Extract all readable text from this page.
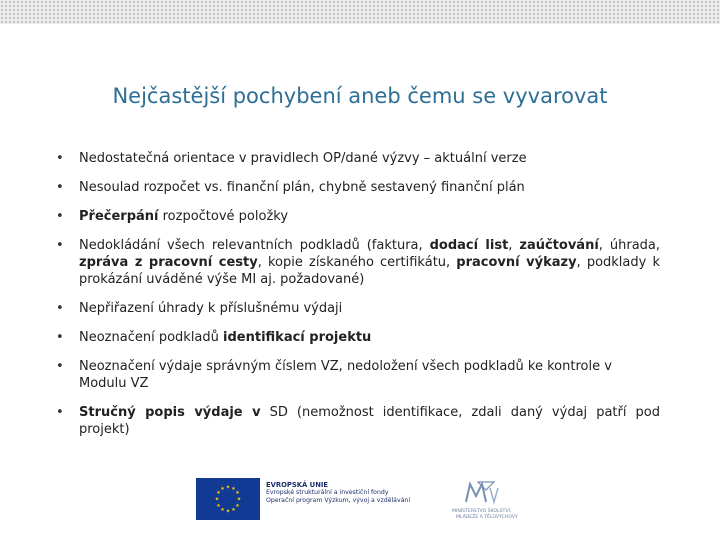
Nejčastější pochybení aneb čemu se vyvarovat
• Nedostatečná orientace v pravidlech OP/dané výzvy – aktuální verze
• Nesoulad rozpočet vs. finanční plán, chybně sestavený finanční plán
• Přečerpání rozpočtové položky
• Nedokládání všech relevantních podkladů (faktura, dodací list, zaúčtování, úhrada, zpráva z pracovní cesty, kopie získaného certifikátu, pracovní výkazy, podklady k prokázání uváděné výše MI aj. požadované)
• Nepřiřazení úhrady k příslušnému výdaji
• Neoznačení podkladů identifikací projektu
• Neoznačení výdaje správným číslem VZ, nedoložení všech podkladů ke kontrole v Modulu VZ
• Stručný popis výdaje v SD (nemožnost identifikace, zdali daný výdaj patří pod projekt)
★ ★
★
★
★
★
★
★
★
★
★
★	EVROPSKÁ UNIE
Evropské strukturální a investiční fondy
Operační program Výzkum, vývoj a vzdělávání
MINISTERSTVO ŠKOLSTVÍ,
MLÁDEŽE A TĚLOVÝCHOVY
